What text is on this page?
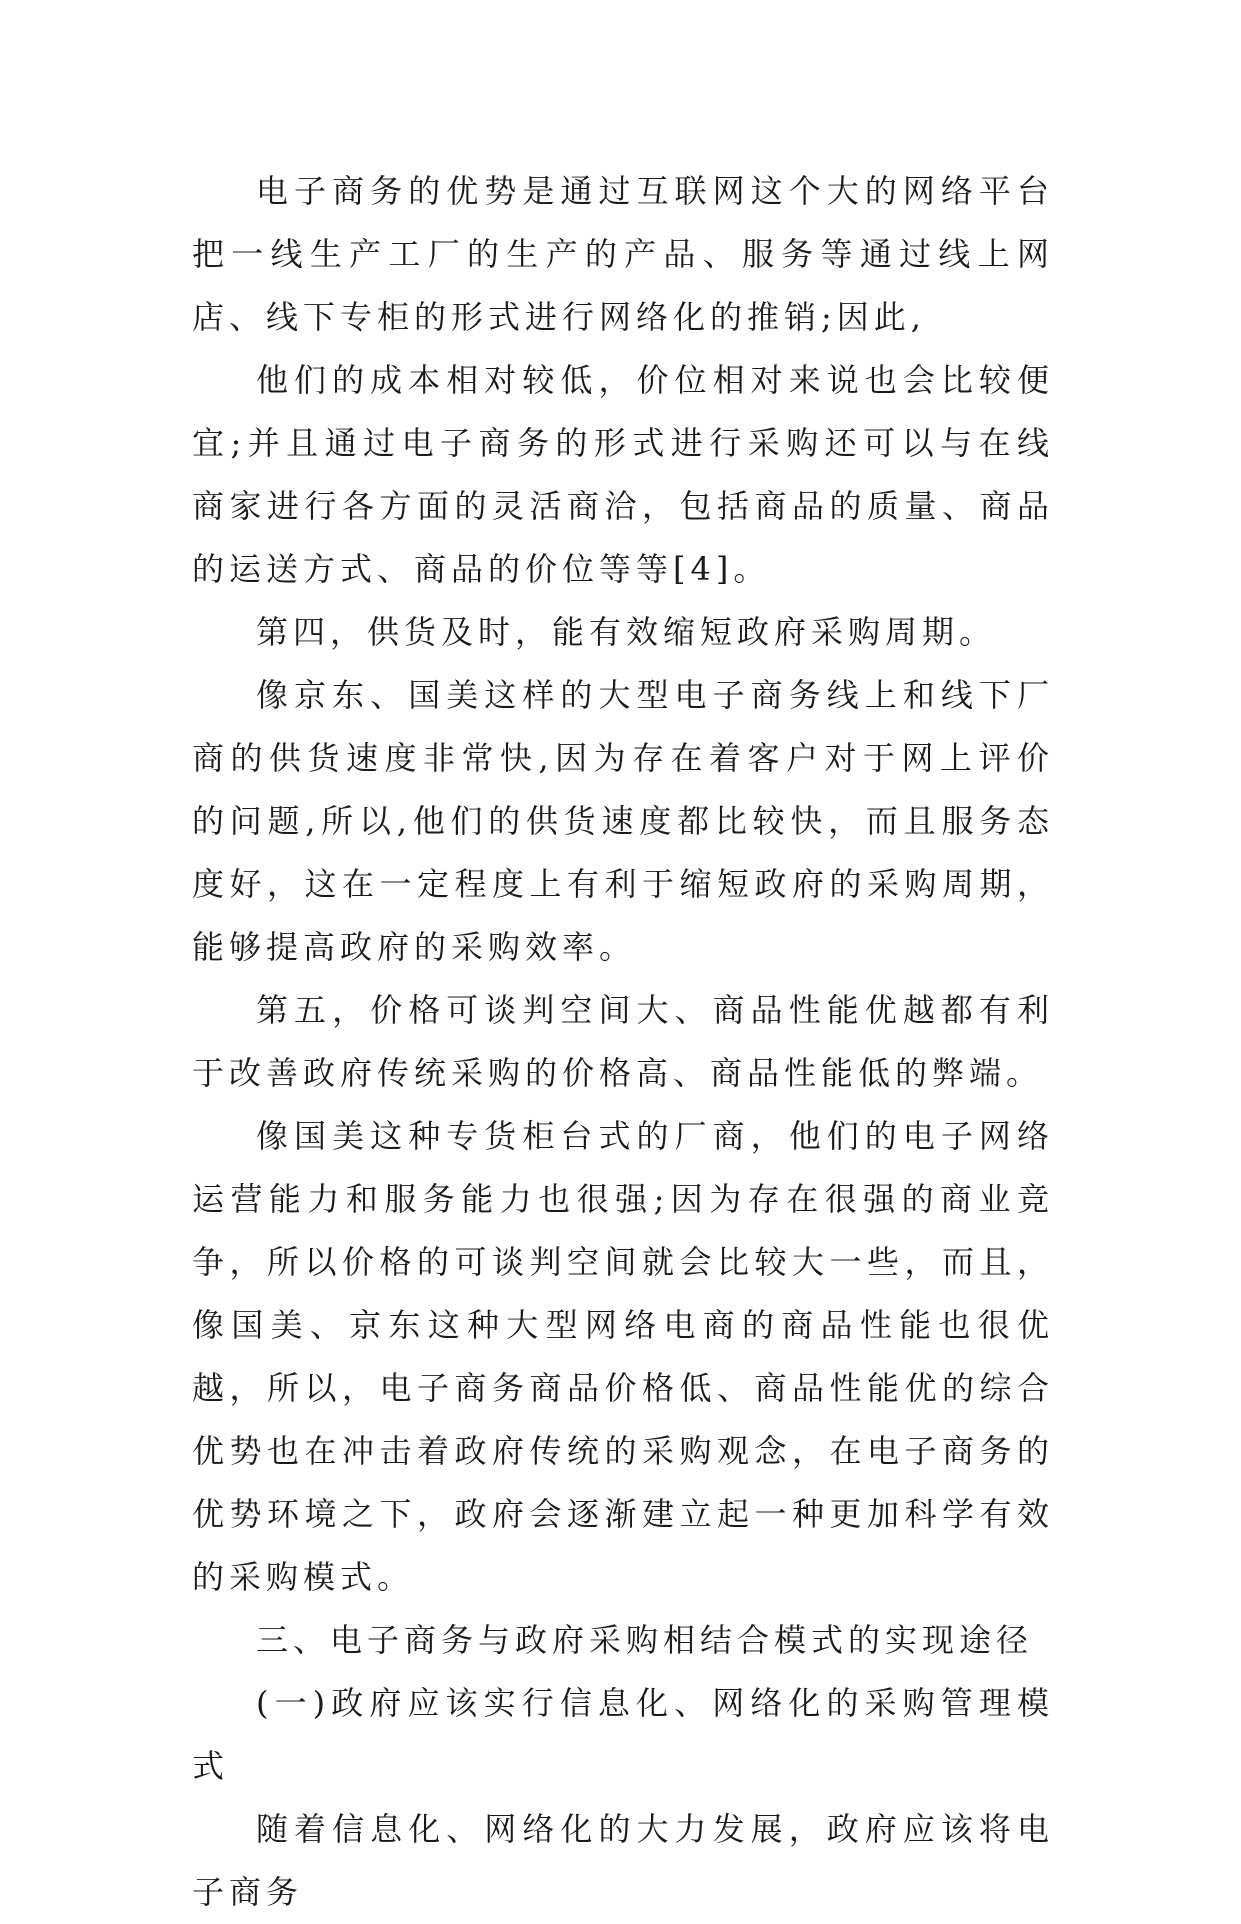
电子商务的优势是通过互联网这个大的网络平台把一线生产工厂的生产的产品、服务等通过线上网店、线下专柜的形式进行网络化的推销;因此,

他们的成本相对较低，价位相对来说也会比较便宜;并且通过电子商务的形式进行采购还可以与在线商家进行各方面的灵活商洽，包括商品的质量、商品的运送方式、商品的价位等等[4]。

第四，供货及时，能有效缩短政府采购周期。

像京东、国美这样的大型电子商务线上和线下厂商的供货速度非常快,因为存在着客户对于网上评价的问题,所以,他们的供货速度都比较快，而且服务态度好，这在一定程度上有利于缩短政府的采购周期，能够提高政府的采购效率。

第五，价格可谈判空间大、商品性能优越都有利于改善政府传统采购的价格高、商品性能低的弊端。

像国美这种专货柜台式的厂商，他们的电子网络运营能力和服务能力也很强;因为存在很强的商业竞争，所以价格的可谈判空间就会比较大一些，而且，像国美、京东这种大型网络电商的商品性能也很优越，所以，电子商务商品价格低、商品性能优的综合优势也在冲击着政府传统的采购观念，在电子商务的优势环境之下，政府会逐渐建立起一种更加科学有效的采购模式。

三、电子商务与政府采购相结合模式的实现途径

(一)政府应该实行信息化、网络化的采购管理模式

随着信息化、网络化的大力发展，政府应该将电子商务
